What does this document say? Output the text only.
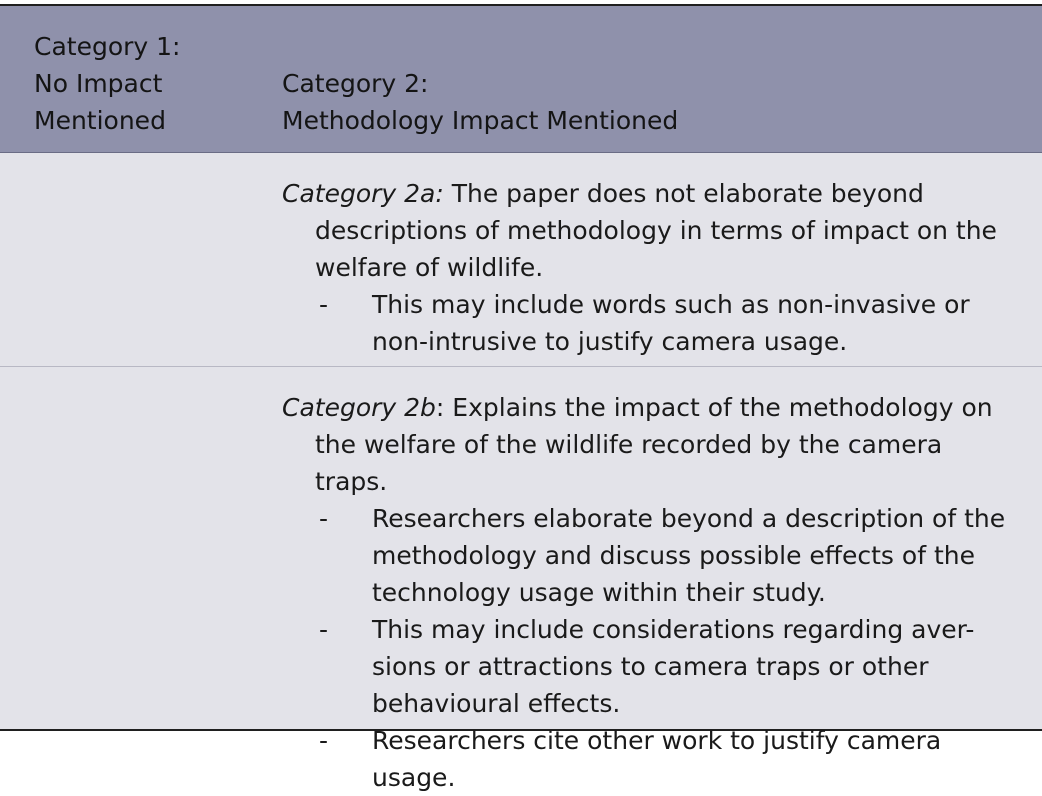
Category 1:
No Impact
Mentioned
Category 2:
Methodology Impact Mentioned

Category 2a: The paper does not elaborate beyond descriptions of methodology in terms of impact on the welfare of wildlife.

- This may include words such as non-invasive or non-intrusive to justify camera usage.

Category 2b: Explains the impact of the methodology on the welfare of the wildlife recorded by the camera traps.

- Researchers elaborate beyond a description of the methodology and discuss possible effects of the technology usage within their study.
- This may include considerations regarding aver-sions or attractions to camera traps or other behavioural effects.
- Researchers cite other work to justify camera usage.
